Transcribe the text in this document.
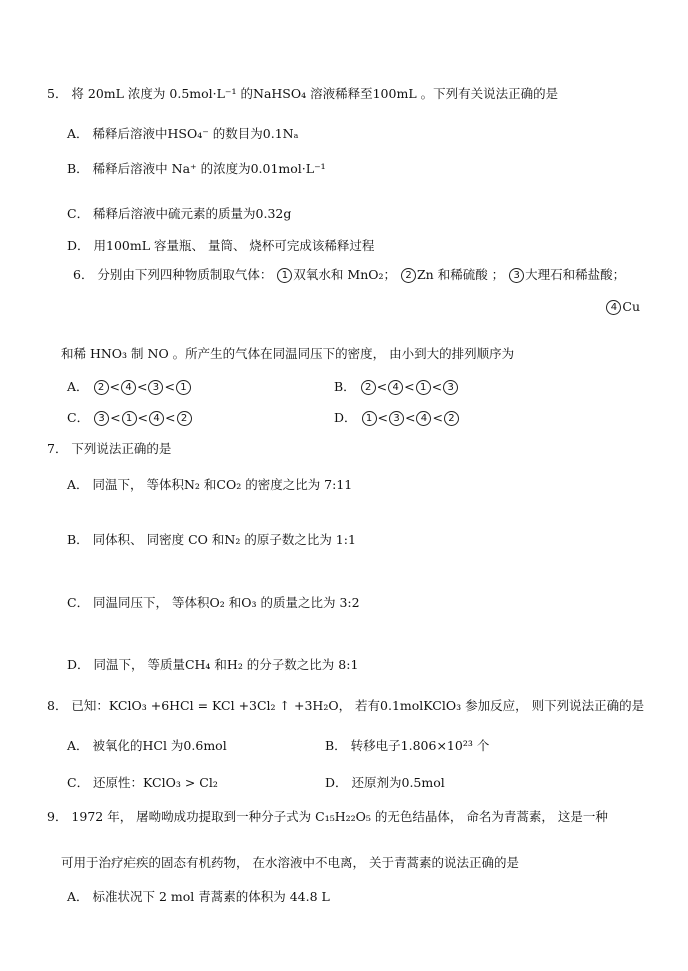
5． 将 20mL 浓度为 0.5mol·L⁻¹ 的NaHSO₄ 溶液稀释至100mL 。下列有关说法正确的是
A． 稀释后溶液中HSO₄⁻ 的数目为0.1Nₐ
B． 稀释后溶液中 Na⁺ 的浓度为0.01mol·L⁻¹
C． 稀释后溶液中硫元素的质量为0.32g
D． 用100mL 容量瓶、 量筒、 烧杯可完成该稀释过程
6． 分别由下列四种物质制取气体： 1 双氧水和 MnO₂； 2 Zn 和稀硫酸 ； 3 大理石和稀盐酸；
4 Cu
和稀 HNO₃ 制 NO 。所产生的气体在同温同压下的密度， 由小到大的排列顺序为
A． 2 < 4 < 3 < 1	B． 2 < 4 < 1 < 3
C． 3 < 1 < 4 < 2	D． 1 < 3 < 4 < 2
7． 下列说法正确的是
A． 同温下， 等体积N₂ 和CO₂ 的密度之比为 7:11
B． 同体积、 同密度 CO 和N₂ 的原子数之比为 1:1
C． 同温同压下， 等体积O₂ 和O₃ 的质量之比为 3:2
D． 同温下， 等质量CH₄ 和H₂ 的分子数之比为 8:1
8． 已知：KClO₃ +6HCl = KCl +3Cl₂ ↑ +3H₂O， 若有0.1molKClO₃ 参加反应， 则下列说法正确的是
A． 被氧化的HCl 为0.6mol	B． 转移电子1.806×10²³ 个
C． 还原性：KClO₃ > Cl₂	D． 还原剂为0.5mol
9． 1972 年， 屠呦呦成功提取到一种分子式为 C₁₅H₂₂O₅ 的无色结晶体， 命名为青蒿素， 这是一种
可用于治疗疟疾的固态有机药物， 在水溶液中不电离， 关于青蒿素的说法正确的是
A． 标准状况下 2 mol 青蒿素的体积为 44.8 L
